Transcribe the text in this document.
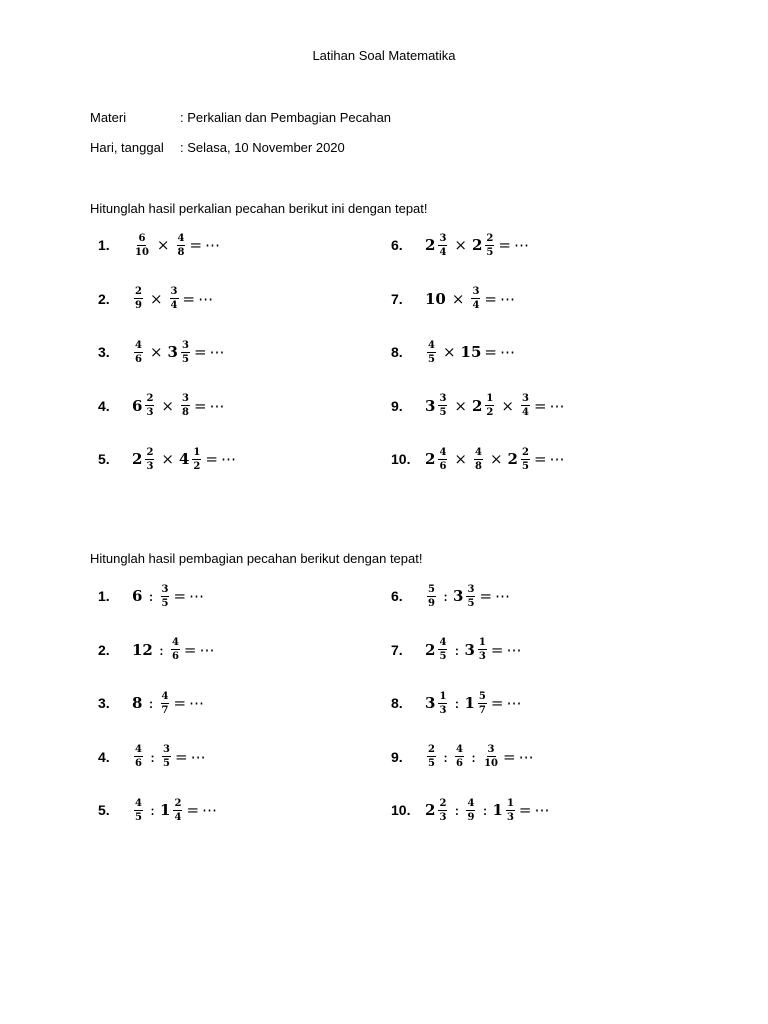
Latihan Soal Matematika
Materi	: Perkalian dan Pembagian Pecahan
Hari, tanggal	: Selasa, 10 November 2020
Hitunglah hasil perkalian pecahan berikut ini dengan tepat!
1.	$\frac{6}{10} \times \frac{4}{8}$ = ⋯
2.	$\frac{2}{9} \times \frac{3}{4}$ = ⋯
3.	$\frac{4}{6} \times 3 \frac{3}{5}$ = ⋯
4.	$6 \frac{2}{3} \times \frac{3}{8}$ = ⋯
5.	$2 \frac{2}{3} \times 4 \frac{1}{2}$ = ⋯
6.	$2 \frac{3}{4} \times 2 \frac{2}{5}$ = ⋯
7.	$10 \times \frac{3}{4}$ = ⋯
8.	$\frac{4}{5} \times 15$ = ⋯
9.	$3 \frac{3}{5} \times 2 \frac{1}{2} \times \frac{3}{4}$ = ⋯
10. $2 \frac{4}{6} \times \frac{4}{8} \times 2 \frac{2}{5}$ = ⋯
Hitunglah hasil pembagian pecahan berikut dengan tepat!
1.	6 : $\frac{3}{5}$ = ⋯
2.	12 : $\frac{4}{6}$ = ⋯
3.	8 : $\frac{4}{7}$ = ⋯
4.	$\frac{4}{6}$ : $\frac{3}{5}$ = ⋯
5.	$\frac{4}{5}$ : $1 \frac{2}{4}$ = ⋯
6.	$\frac{5}{9}$ : $3 \frac{3}{5}$ = ⋯
7.	$2 \frac{4}{5}$ : $3 \frac{1}{3}$ = ⋯
8.	$3 \frac{1}{3}$ : $1 \frac{5}{7}$ = ⋯
9.	$\frac{2}{5}$ : $\frac{4}{6}$ : $\frac{3}{10}$ = ⋯
10. $2 \frac{2}{3}$ : $\frac{4}{9}$ : $1 \frac{1}{3}$ = ⋯
